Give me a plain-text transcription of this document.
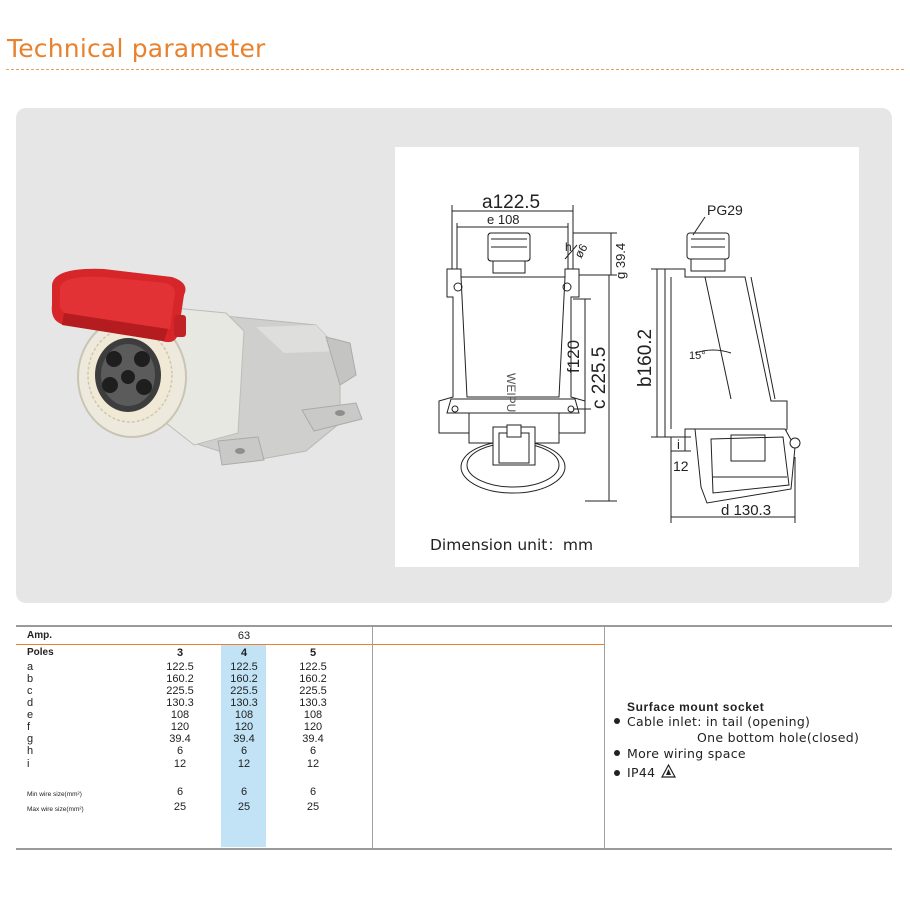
Technical parameter
a122.5
e 108
h ø6 g 39.4
f120 c 225.5
PG29
b160.2	15°
i
12
d 130.3
WEIPU
Dimension unit：mm
Amp.	63
Poles	3	4	5
a	122.5	122.5	122.5
b	160.2	160.2	160.2
c	225.5	225.5	225.5
d	130.3	130.3	130.3
e	108	108	108
f	120	120	120
g	39.4	39.4	39.4
h	6	6	6
i	12	12	12
Min wire size(mm²)	6	6	6
Max wire size(mm²)	25	25	25
Surface mount socket
Cable inlet: in tail (opening)
One bottom hole(closed)
More wiring space
IP44
